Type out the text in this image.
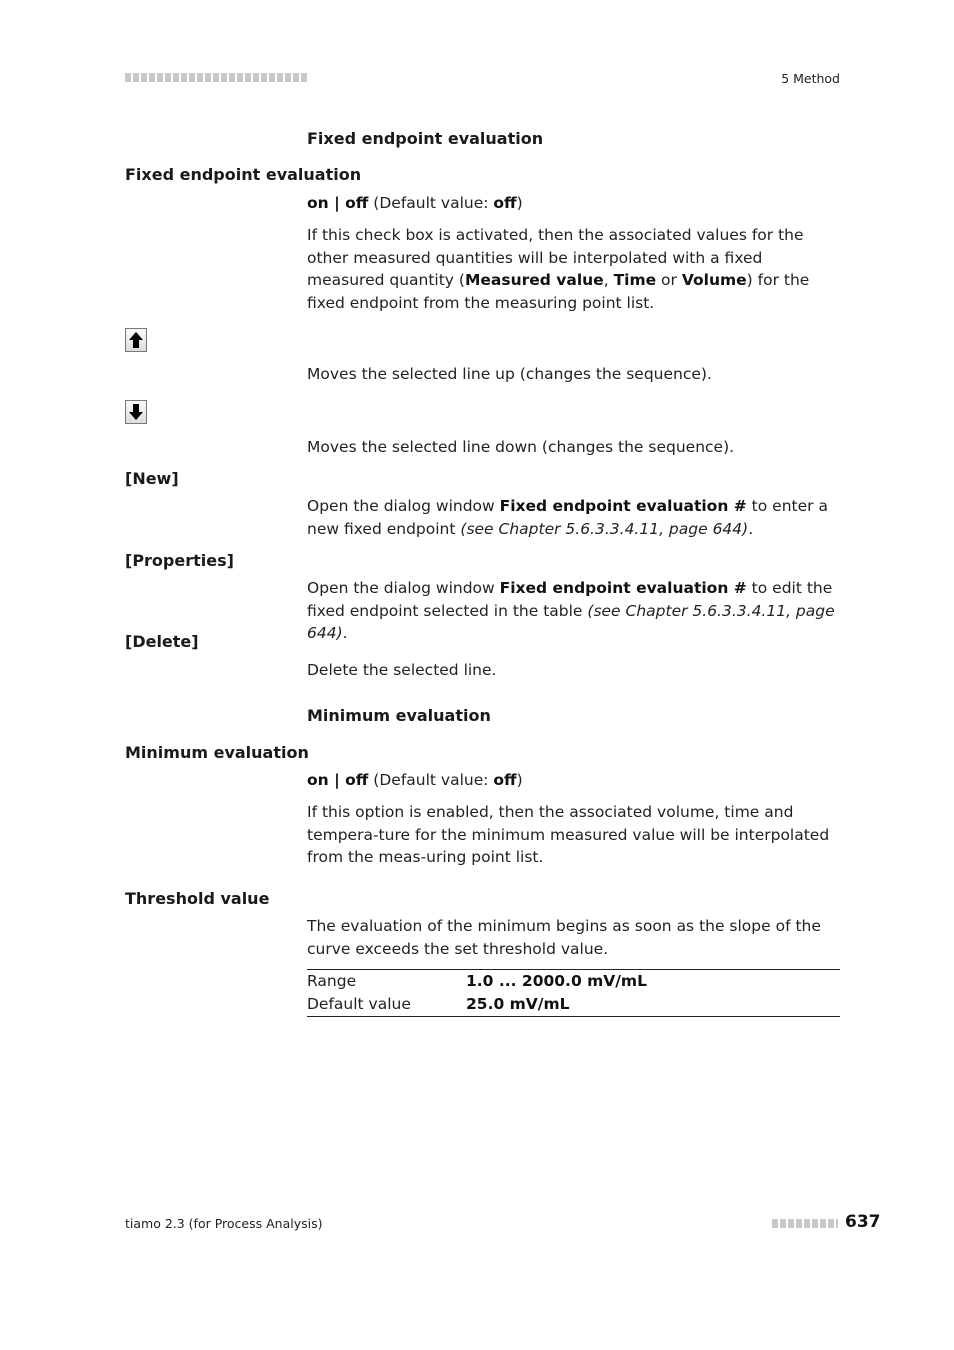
5 Method
Fixed endpoint evaluation
Fixed endpoint evaluation
on | off (Default value: off)
If this check box is activated, then the associated values for the other measured quantities will be interpolated with a fixed measured quantity (Measured value, Time or Volume) for the fixed endpoint from the measuring point list.
Moves the selected line up (changes the sequence).
Moves the selected line down (changes the sequence).
[New]
Open the dialog window Fixed endpoint evaluation # to enter a new fixed endpoint (see Chapter 5.6.3.3.4.11, page 644).
[Properties]
Open the dialog window Fixed endpoint evaluation # to edit the fixed endpoint selected in the table (see Chapter 5.6.3.3.4.11, page 644).
[Delete]
Delete the selected line.
Minimum evaluation
Minimum evaluation
on | off (Default value: off)
If this option is enabled, then the associated volume, time and tempera-ture for the minimum measured value will be interpolated from the meas-uring point list.
Threshold value
The evaluation of the minimum begins as soon as the slope of the curve exceeds the set threshold value.
Range	1.0 ... 2000.0 mV/mL
Default value	25.0 mV/mL
tiamo 2.3 (for Process Analysis)	637
